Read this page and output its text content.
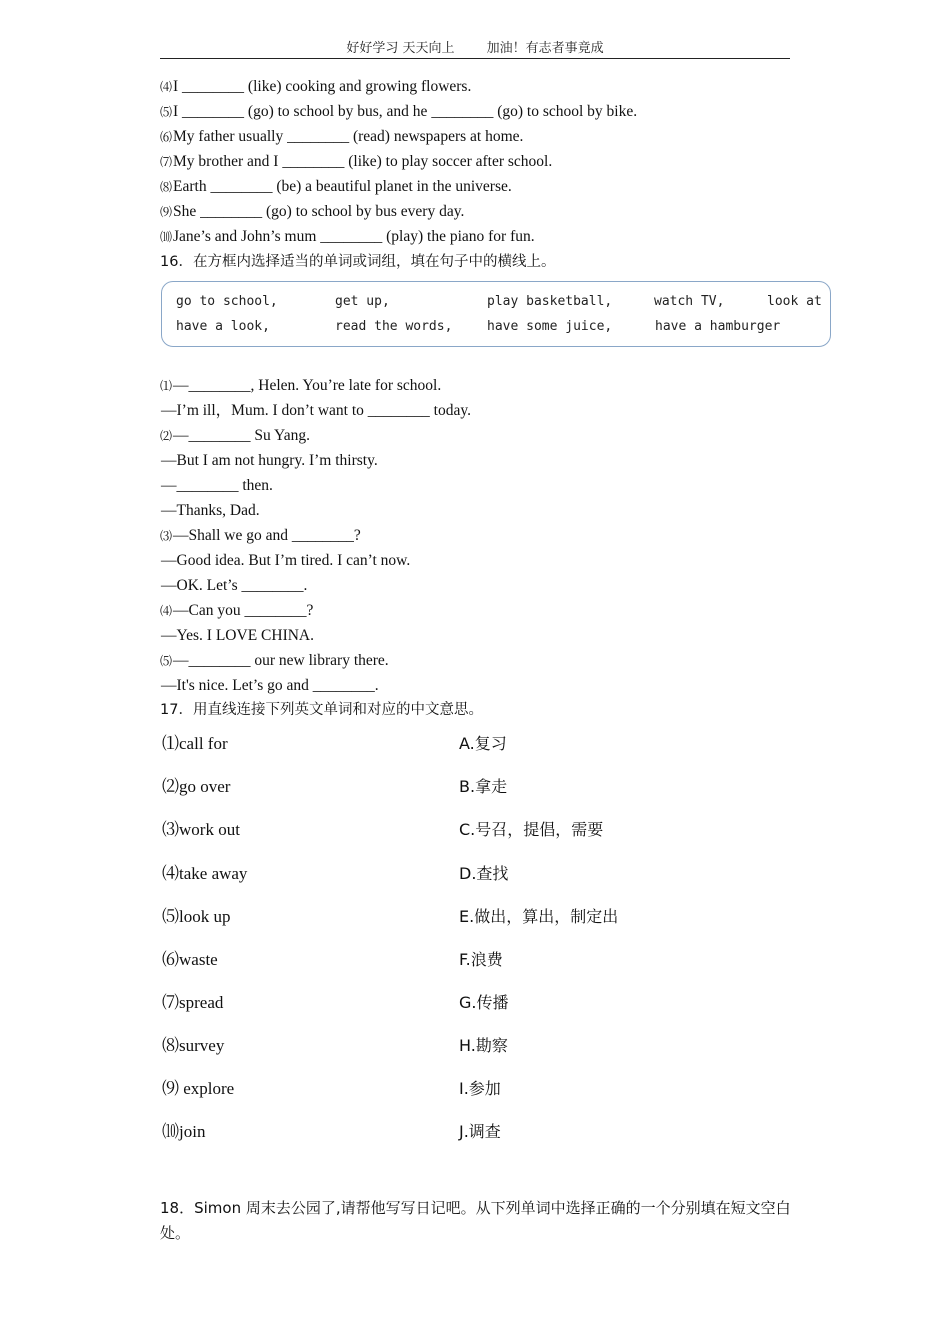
好好学习 天天向上 加油！有志者事竟成
⑷I ________ (like) cooking and growing flowers.
⑸I ________ (go) to school by bus, and he ________ (go) to school by bike.
⑹My father usually ________ (read) newspapers at home.
⑺My brother and I ________ (like) to play soccer after school.
⑻Earth ________ (be) a beautiful planet in the universe.
⑼She ________ (go) to school by bus every day.
⑽Jane’s and John’s mum ________ (play) the piano for fun.
16．在方框内选择适当的单词或词组，填在句子中的横线上。
go to school,	get up,	play basketball,	watch TV,	look at
have a look,	read the words,	have some juice,	have a hamburger
⑴—________, Helen. You’re late for school.
—I’m ill，Mum. I don’t want to ________ today.
⑵—________ Su Yang.
—But I am not hungry. I’m thirsty.
—________ then.
—Thanks, Dad.
⑶—Shall we go and ________?
—Good idea. But I’m tired. I can’t now.
—OK. Let’s ________.
⑷—Can you ________?
—Yes. I LOVE CHINA.
⑸—________ our new library there.
—It's nice. Let’s go and ________.
17．用直线连接下列英文单词和对应的中文意思。
⑴call for	A.复习
⑵go over	B.拿走
⑶work out	C.号召，提倡，需要
⑷take away	D.查找
⑸look up	E.做出，算出，制定出
⑹waste	F.浪费
⑺spread	G.传播
⑻survey	H.勘察
⑼ explore	I.参加
⑽join	J.调查
18．Simon 周末去公园了,请帮他写写日记吧。从下列单词中选择正确的一个分别填在短文空白处。
